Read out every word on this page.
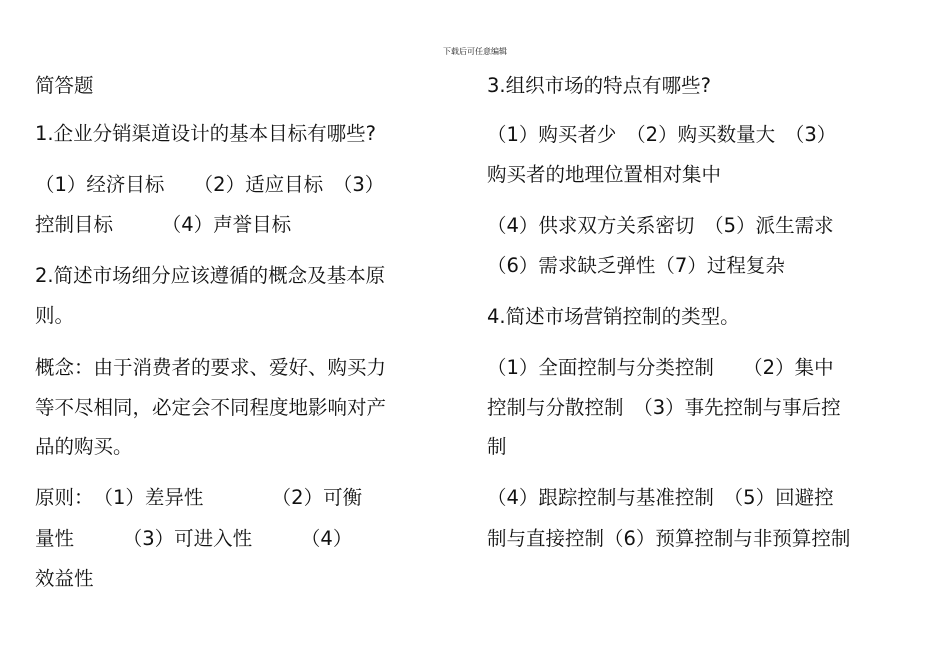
下载后可任意编辑
简答题
1.企业分销渠道设计的基本目标有哪些?
（1）经济目标　　（2）适应目标　（3）
控制目标　　　（4）声誉目标
2.简述市场细分应该遵循的概念及基本原
则。
概念：由于消费者的要求、爱好、购买力
等不尽相同，必定会不同程度地影响对产
品的购买。
原则：　（1）差异性　　　　（2）可衡
量性　　　（3）可进入性　　　（4）
效益性
3.组织市场的特点有哪些?
（1）购买者少　（2）购买数量大　（3）
购买者的地理位置相对集中
（4）供求双方关系密切　（5）派生需求
（6）需求缺乏弹性（7）过程复杂
4.简述市场营销控制的类型。
（1）全面控制与分类控制　　（2）集中
控制与分散控制　（3）事先控制与事后控
制
（4）跟踪控制与基准控制　（5）回避控
制与直接控制（6）预算控制与非预算控制
